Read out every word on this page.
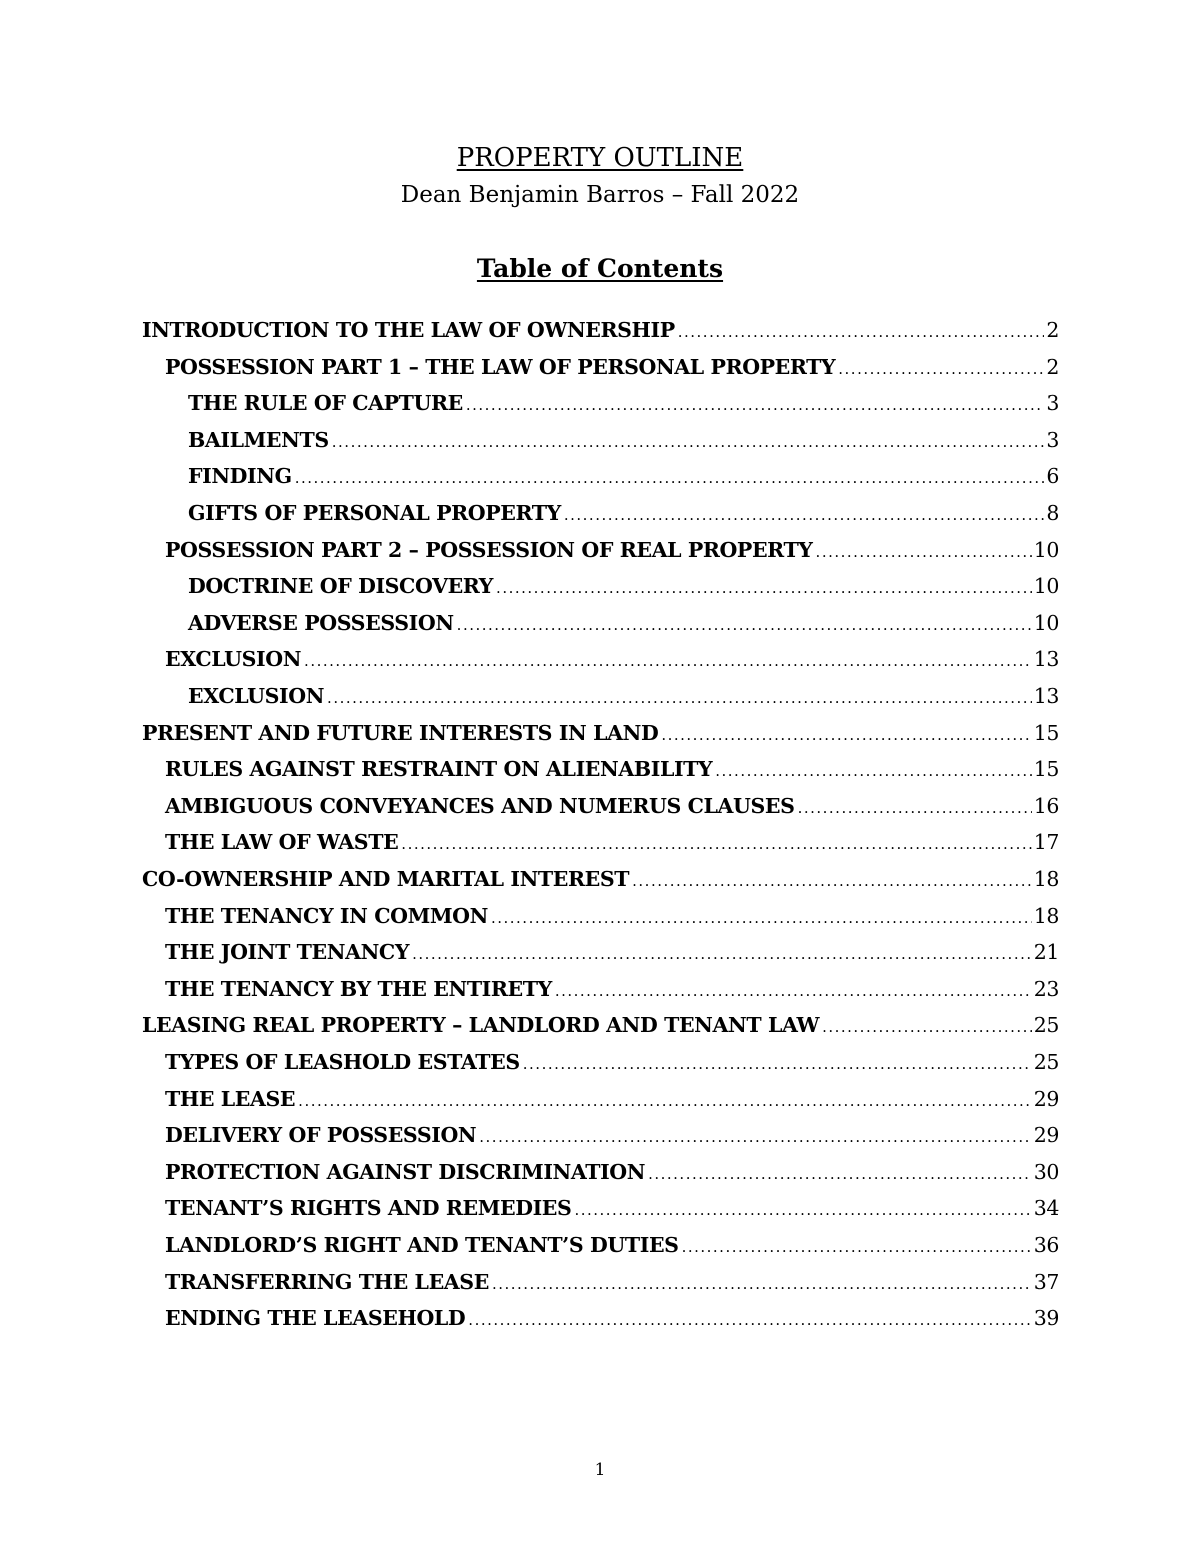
PROPERTY OUTLINE
Dean Benjamin Barros – Fall 2022
Table of Contents
INTRODUCTION TO THE LAW OF OWNERSHIP .....	2
POSSESSION PART 1 – THE LAW OF PERSONAL PROPERTY .....	2
THE RULE OF CAPTURE .....	3
BAILMENTS .....	3
FINDING .....	6
GIFTS OF PERSONAL PROPERTY .....	8
POSSESSION PART 2 – POSSESSION OF REAL PROPERTY .....	10
DOCTRINE OF DISCOVERY .....	10
ADVERSE POSSESSION .....	10
EXCLUSION .....	13
EXCLUSION .....	13
PRESENT AND FUTURE INTERESTS IN LAND .....	15
RULES AGAINST RESTRAINT ON ALIENABILITY .....	15
AMBIGUOUS CONVEYANCES AND NUMERUS CLAUSES .....	16
THE LAW OF WASTE .....	17
CO-OWNERSHIP AND MARITAL INTEREST .....	18
THE TENANCY IN COMMON .....	18
THE JOINT TENANCY .....	21
THE TENANCY BY THE ENTIRETY .....	23
LEASING REAL PROPERTY – LANDLORD AND TENANT LAW .....	25
TYPES OF LEASHOLD ESTATES .....	25
THE LEASE .....	29
DELIVERY OF POSSESSION .....	29
PROTECTION AGAINST DISCRIMINATION .....	30
TENANT’S RIGHTS AND REMEDIES .....	34
LANDLORD’S RIGHT AND TENANT’S DUTIES .....	36
TRANSFERRING THE LEASE .....	37
ENDING THE LEASEHOLD .....	39
1
